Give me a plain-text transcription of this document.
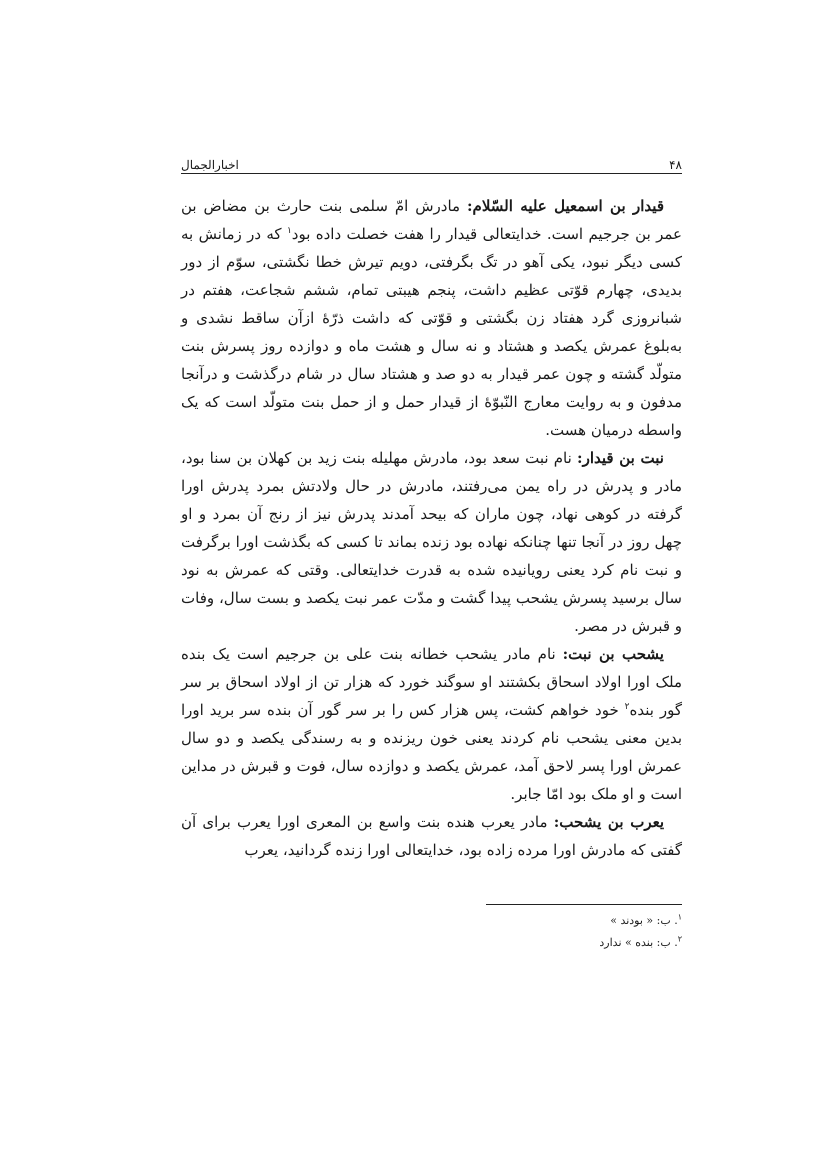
۴۸
اخبارالجمال

قیدار بن اسمعیل علیه السّلام: مادرش امّ سلمی بنت حارث بن مضاض بن عمر بن جرجیم است. خدایتعالی قیدار را هفت خصلت داده بود$^۱$ که در زمانش به کسی دیگر نبود، یکی آهو در تگ بگرفتی، دویم تیرش خطا نگشتی، سوّم از دور بدیدی، چهارم قوّتی عظیم داشت، پنجم هیبتی تمام، ششم شجاعت، هفتم در شبانروزی گرد هفتاد زن بگشتی و قوّتی که داشت ذرّهٔ ازآن ساقط نشدی و به‌بلوغ عمرش یکصد و هشتاد و نه سال و هشت ماه و دوازده روز پسرش بنت متولّد گشته و چون عمر قیدار به دو صد و هشتاد سال در شام درگذشت و درآنجا مدفون و به روایت معارج النّبوّهٔ از قیدار حمل و از حمل بنت متولّد است که یک واسطه درمیان هست.

نبت بن قیدار: نام نبت سعد بود، مادرش مهلیله بنت زید بن کهلان بن سنا بود، مادر و پدرش در راه یمن می‌رفتند، مادرش در حال ولادتش بمرد پدرش اورا گرفته در کوهی نهاد، چون ماران که بیحد آمدند پدرش نیز از رنج آن بمرد و او چهل روز در آنجا تنها چنانکه نهاده بود زنده بماند تا کسی که بگذشت اورا برگرفت و نبت نام کرد یعنی رویانیده شده به قدرت خدایتعالی. وقتی که عمرش به نود سال برسید پسرش یشحب پیدا گشت و مدّت عمر نبت یکصد و بست سال، وفات و قبرش در مصر.

یشحب بن نبت: نام مادر یشحب خطانه بنت علی بن جرجیم است یک بنده ملک اورا اولاد اسحاق بکشتند او سوگند خورد که هزار تن از اولاد اسحاق بر سر گور بنده$^۲$ خود خواهم کشت، پس هزار کس را بر سر گور آن بنده سر برید اورا بدین معنی یشحب نام کردند یعنی خون ریزنده و به رسندگی یکصد و دو سال عمرش اورا پسر لاحق آمد، عمرش یکصد و دوازده سال، فوت و قبرش در مداین است و او ملک بود امّا جابر.

یعرب بن یشحب: مادر یعرب هنده بنت واسع بن المعری اورا یعرب برای آن گفتی که مادرش اورا مرده زاده بود، خدایتعالی اورا زنده گردانید، یعرب

$^۱$. ب: « بودند »
$^۲$. ب: بنده » ندارد
